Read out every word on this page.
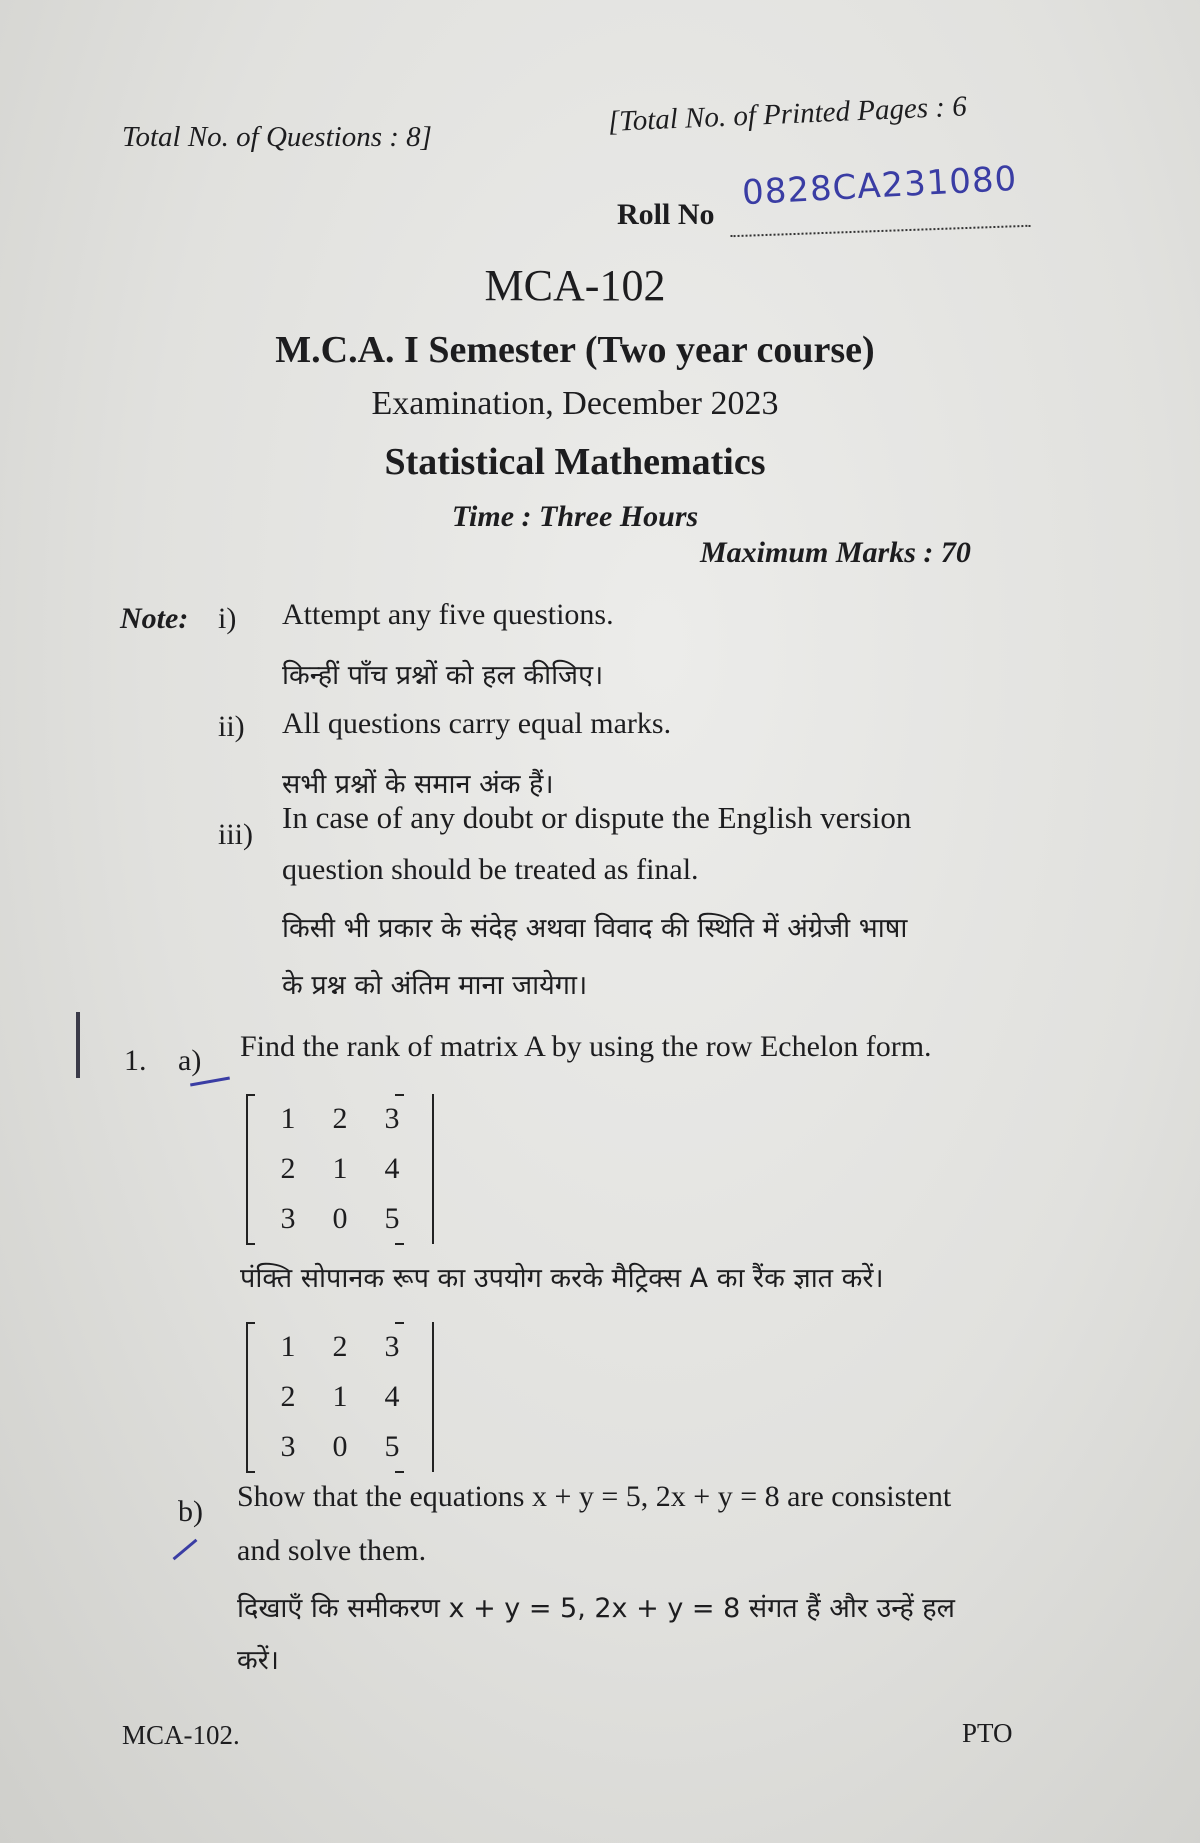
Total No. of Questions : 8]	[Total No. of Printed Pages : 6
Roll No
0828CA231080
MCA-102
M.C.A. I Semester (Two year course)
Examination, December 2023
Statistical Mathematics
Time : Three Hours
Maximum Marks : 70
Note: i) Attempt any five questions.
किन्हीं पाँच प्रश्नों को हल कीजिए।
ii) All questions carry equal marks.
सभी प्रश्नों के समान अंक हैं।
iii) In case of any doubt or dispute the English version
question should be treated as final.
किसी भी प्रकार के संदेह अथवा विवाद की स्थिति में अंग्रेजी भाषा
के प्रश्न को अंतिम माना जायेगा।
1. a) Find the rank of matrix A by using the row Echelon form.
1	2	3
2	1	4
3	0	5
पंक्ति सोपानक रूप का उपयोग करके मैट्रिक्स A का रैंक ज्ञात करें।
1	2	3
2	1	4
3	0	5
b) Show that the equations x + y = 5, 2x + y = 8 are consistent
and solve them.
दिखाएँ कि समीकरण x + y = 5, 2x + y = 8 संगत हैं और उन्हें हल
करें।
MCA-102.	PTO
